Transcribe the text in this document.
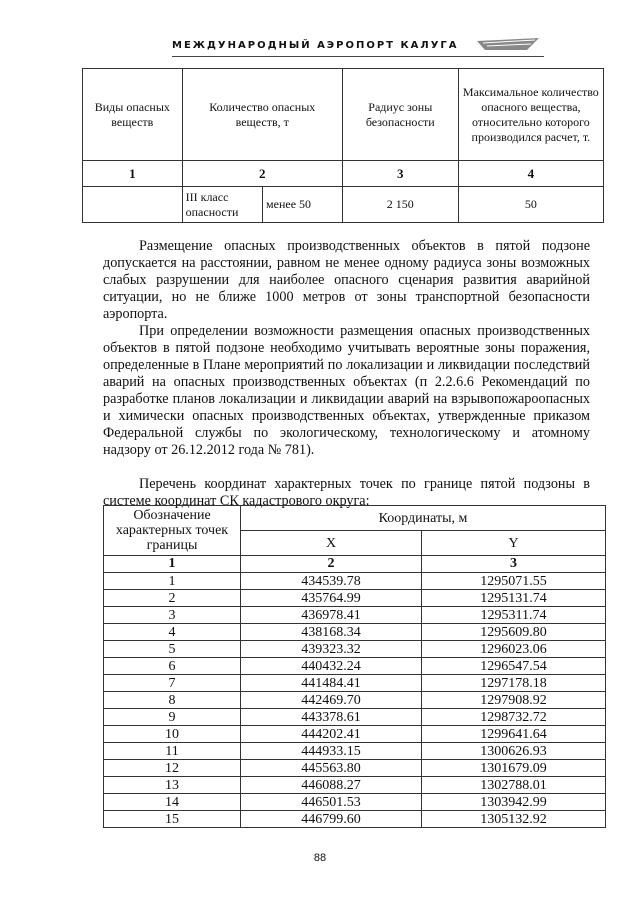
МЕЖДУНАРОДНЫЙ АЭРОПОРТ КАЛУГА
Виды опасных веществ	Количество опасных веществ, т		Радиус зоны безопасности	Максимальное количество опасного вещества, относительно которого производился расчет, т.
1	2		3	4
	III класс опасности	менее 50	2 150	50

Размещение опасных производственных объектов в пятой подзоне допускается на расстоянии, равном не менее одному радиуса зоны возможных слабых разрушении для наиболее опасного сценария развития аварийной ситуации, но не ближе 1000 метров от зоны транспортной безопасности аэропорта.

При определении возможности размещения опасных производственных объектов в пятой подзоне необходимо учитывать вероятные зоны поражения, определенные в Плане мероприятий по локализации и ликвидации последствий аварий на опасных производственных объектах (п 2.2.6.6 Рекомендаций по разработке планов локализации и ликвидации аварий на взрывопожароопасных и химически опасных производственных объектах, утвержденные приказом Федеральной службы по экологическому, технологическому и атомному надзору от 26.12.2012 года № 781).

Перечень координат характерных точек по границе пятой подзоны в системе координат СК кадастрового округа:

Обозначение характерных точек границы	Координаты, м	
	X	Y
1	2	3
1	434539.78	1295071.55
2	435764.99	1295131.74
3	436978.41	1295311.74
4	438168.34	1295609.80
5	439323.32	1296023.06
6	440432.24	1296547.54
7	441484.41	1297178.18
8	442469.70	1297908.92
9	443378.61	1298732.72
10	444202.41	1299641.64
11	444933.15	1300626.93
12	445563.80	1301679.09
13	446088.27	1302788.01
14	446501.53	1303942.99
15	446799.60	1305132.92
88
